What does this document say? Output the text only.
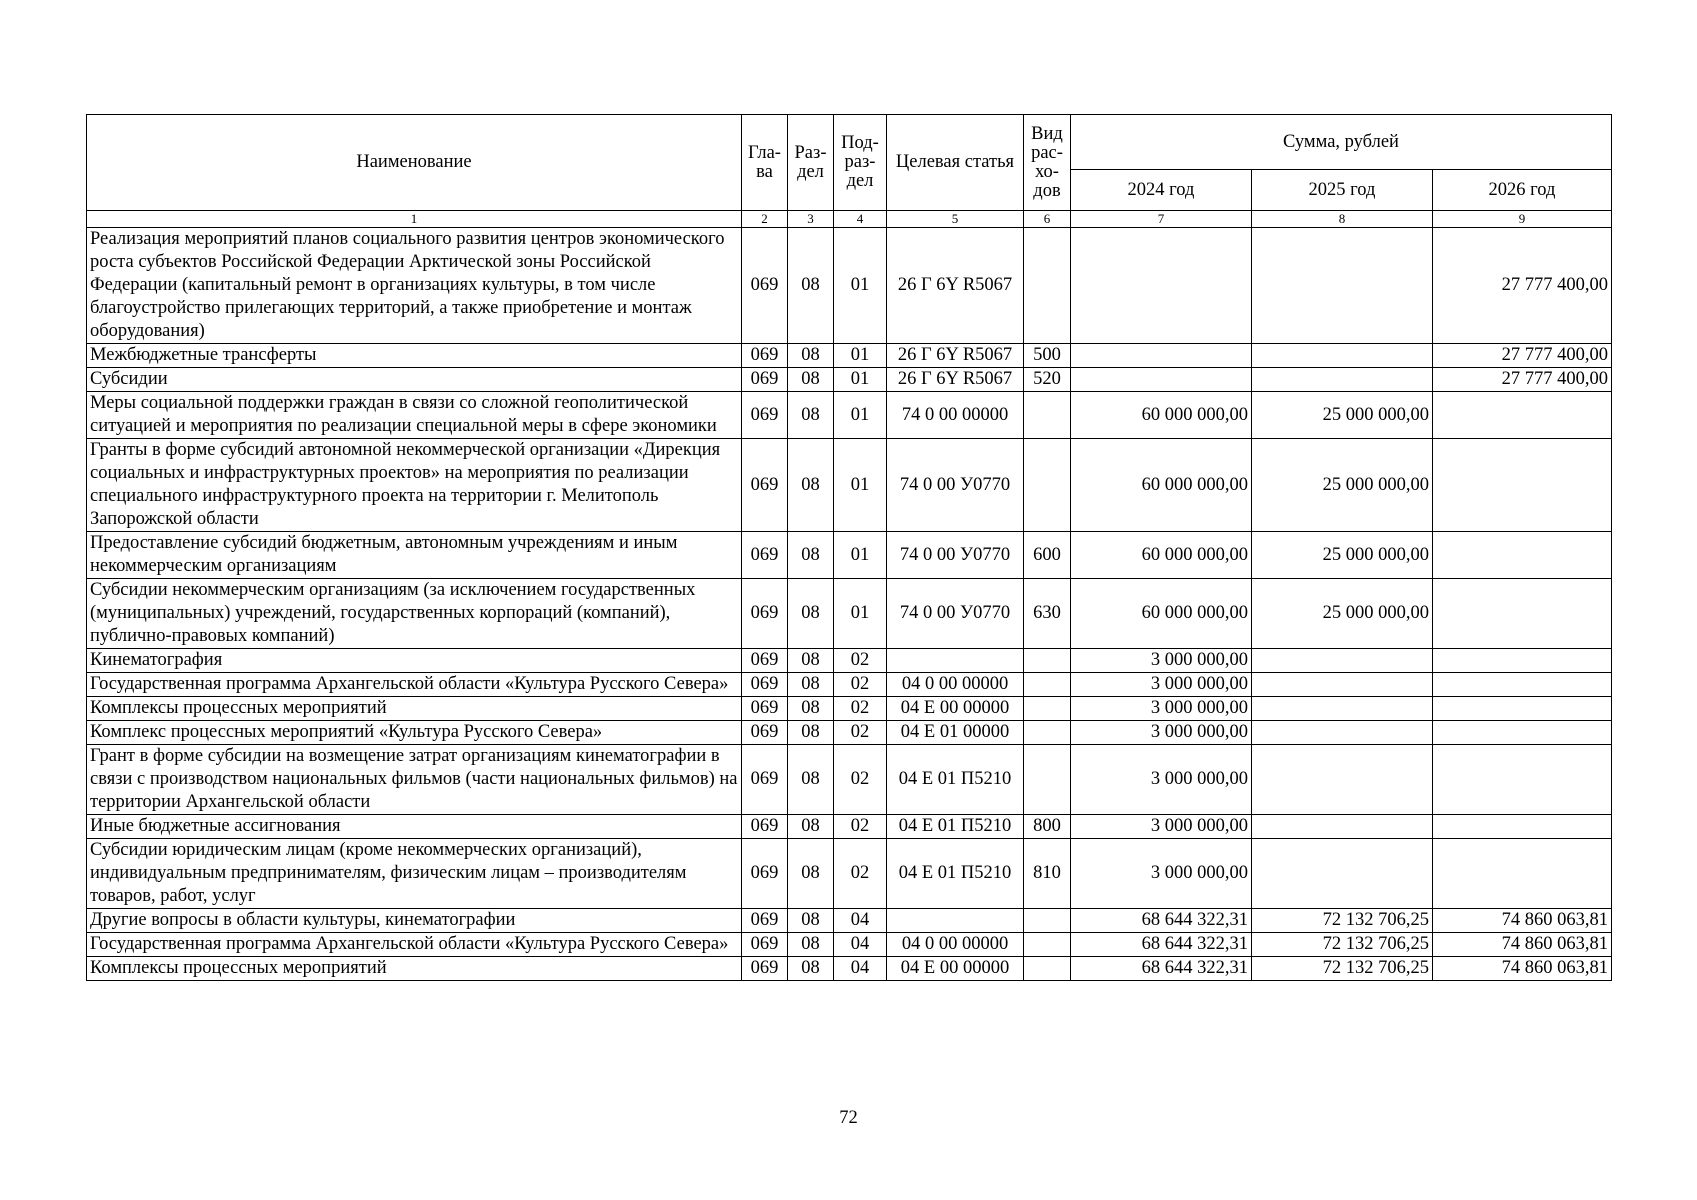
Наименование	Гла-ва	Раз-дел	Под-раз-дел	Целевая статья	Вид рас-хо-дов	Сумма, рублей		
						2024 год	2025 год	2026 год
1	2	3	4	5	6	7	8	9
Реализация мероприятий планов социального развития центров экономического роста субъектов Российской Федерации Арктической зоны Российской Федерации (капитальный ремонт в организациях культуры, в том числе благоустройство прилегающих территорий, а также приобретение и монтаж оборудования)	069	08	01	26 Г 6Y R5067				27 777 400,00
Межбюджетные трансферты	069	08	01	26 Г 6Y R5067	500			27 777 400,00
Субсидии	069	08	01	26 Г 6Y R5067	520			27 777 400,00
Меры социальной поддержки граждан в связи со сложной геополитической ситуацией и мероприятия по реализации специальной меры в сфере экономики	069	08	01	74 0 00 00000		60 000 000,00	25 000 000,00	
Гранты в форме субсидий автономной некоммерческой организации «Дирекция социальных и инфраструктурных проектов» на мероприятия по реализации специального инфраструктурного проекта на территории г. Мелитополь Запорожской области	069	08	01	74 0 00 У0770		60 000 000,00	25 000 000,00	
Предоставление субсидий бюджетным, автономным учреждениям и иным некоммерческим организациям	069	08	01	74 0 00 У0770	600	60 000 000,00	25 000 000,00	
Субсидии некоммерческим организациям (за исключением государственных (муниципальных) учреждений, государственных корпораций (компаний), публично-правовых компаний)	069	08	01	74 0 00 У0770	630	60 000 000,00	25 000 000,00	
Кинематография	069	08	02			3 000 000,00		
Государственная программа Архангельской области «Культура Русского Севера»	069	08	02	04 0 00 00000		3 000 000,00		
Комплексы процессных мероприятий	069	08	02	04 Е 00 00000		3 000 000,00		
Комплекс процессных мероприятий «Культура Русского Севера»	069	08	02	04 Е 01 00000		3 000 000,00		
Грант в форме субсидии на возмещение затрат организациям кинематографии в связи с производством национальных фильмов (части национальных фильмов) на территории Архангельской области	069	08	02	04 Е 01 П5210		3 000 000,00		
Иные бюджетные ассигнования	069	08	02	04 Е 01 П5210	800	3 000 000,00		
Субсидии юридическим лицам (кроме некоммерческих организаций), индивидуальным предпринимателям, физическим лицам – производителям товаров, работ, услуг	069	08	02	04 Е 01 П5210	810	3 000 000,00		
Другие вопросы в области культуры, кинематографии	069	08	04			68 644 322,31	72 132 706,25	74 860 063,81
Государственная программа Архангельской области «Культура Русского Севера»	069	08	04	04 0 00 00000		68 644 322,31	72 132 706,25	74 860 063,81
Комплексы процессных мероприятий	069	08	04	04 Е 00 00000		68 644 322,31	72 132 706,25	74 860 063,81
72
